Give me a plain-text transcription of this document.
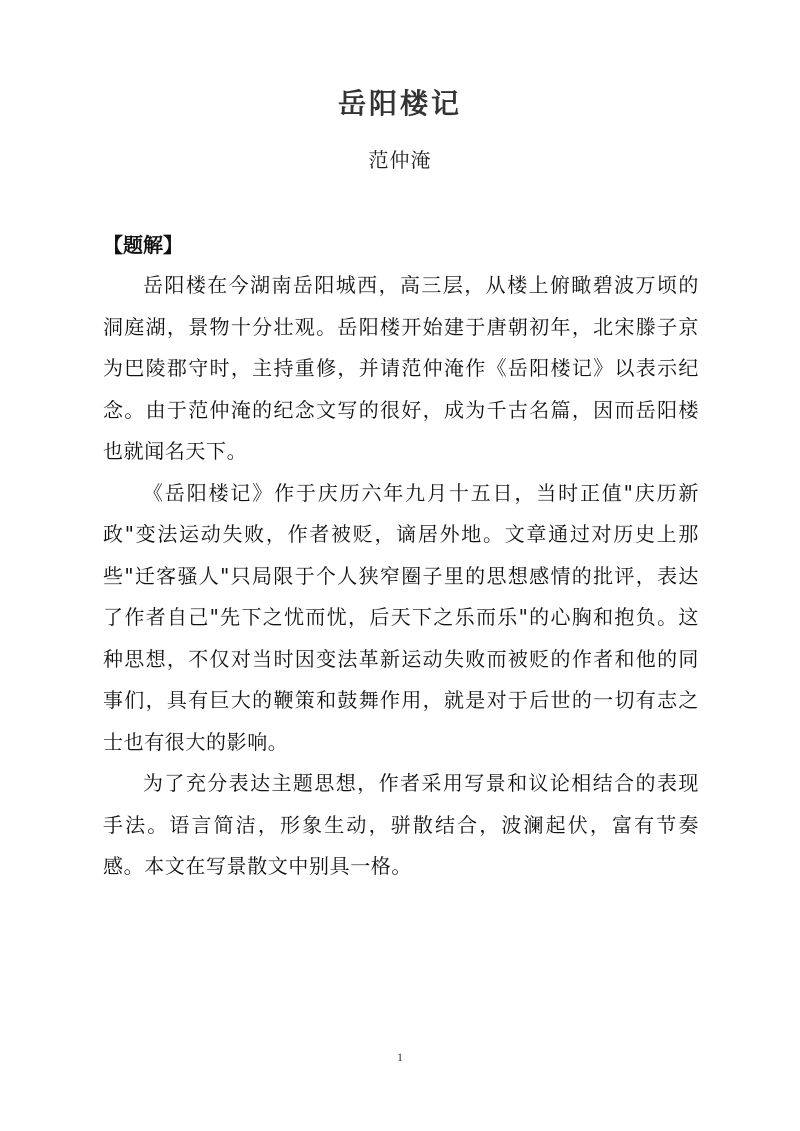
岳阳楼记
范仲淹
【题解】

岳阳楼在今湖南岳阳城西，高三层，从楼上俯瞰碧波万顷的洞庭湖，景物十分壮观。岳阳楼开始建于唐朝初年，北宋滕子京为巴陵郡守时，主持重修，并请范仲淹作《岳阳楼记》以表示纪念。由于范仲淹的纪念文写的很好，成为千古名篇，因而岳阳楼也就闻名天下。

《岳阳楼记》作于庆历六年九月十五日，当时正值"庆历新政"变法运动失败，作者被贬，谪居外地。文章通过对历史上那些"迁客骚人"只局限于个人狭窄圈子里的思想感情的批评，表达了作者自己"先下之忧而忧，后天下之乐而乐"的心胸和抱负。这种思想，不仅对当时因变法革新运动失败而被贬的作者和他的同事们，具有巨大的鞭策和鼓舞作用，就是对于后世的一切有志之士也有很大的影响。

为了充分表达主题思想，作者采用写景和议论相结合的表现手法。语言简洁，形象生动，骈散结合，波澜起伏，富有节奏感。本文在写景散文中别具一格。

1
